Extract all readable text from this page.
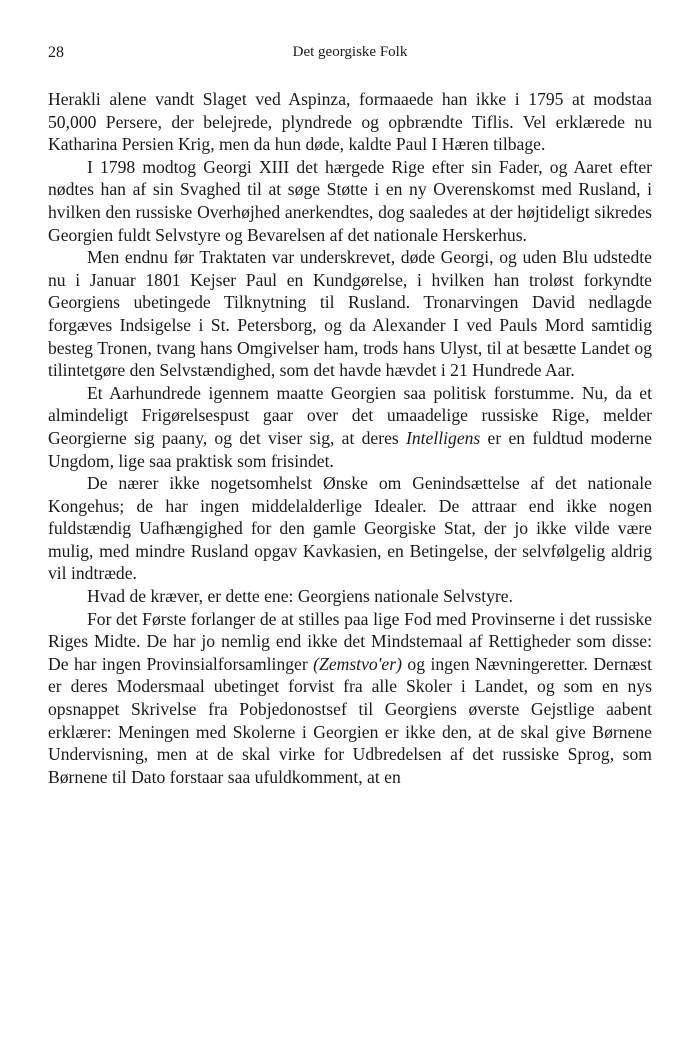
28	Det georgiske Folk

Herakli alene vandt Slaget ved Aspinza, formaaede han ikke i 1795 at modstaa 50,000 Persere, der belejrede, plyndrede og opbrændte Tiflis. Vel erklærede nu Katharina Persien Krig, men da hun døde, kaldte Paul I Hæren tilbage.

I 1798 modtog Georgi XIII det hærgede Rige efter sin Fader, og Aaret efter nødtes han af sin Svaghed til at søge Støtte i en ny Overenskomst med Rusland, i hvilken den russiske Overhøjhed anerkendtes, dog saaledes at der højtideligt sikredes Georgien fuldt Selvstyre og Bevarelsen af det nationale Herskerhus.

Men endnu før Traktaten var underskrevet, døde Georgi, og uden Blu udstedte nu i Januar 1801 Kejser Paul en Kundgørelse, i hvilken han troløst forkyndte Georgiens ubetingede Tilknytning til Rusland. Tronarvingen David nedlagde forgæves Indsigelse i St. Petersborg, og da Alexander I ved Pauls Mord samtidig besteg Tronen, tvang hans Omgivelser ham, trods hans Ulyst, til at besætte Landet og tilintetgøre den Selvstændighed, som det havde hævdet i 21 Hundrede Aar.

Et Aarhundrede igennem maatte Georgien saa politisk forstumme. Nu, da et almindeligt Frigørelsespust gaar over det umaadelige russiske Rige, melder Georgierne sig paany, og det viser sig, at deres Intelligens er en fuldtud moderne Ungdom, lige saa praktisk som frisindet.

De nærer ikke nogetsomhelst Ønske om Genindsættelse af det nationale Kongehus; de har ingen middelalderlige Idealer. De attraar end ikke nogen fuldstændig Uafhængighed for den gamle Georgiske Stat, der jo ikke vilde være mulig, med mindre Rusland opgav Kavkasien, en Betingelse, der selvfølgelig aldrig vil indtræde.

Hvad de kræver, er dette ene: Georgiens nationale Selvstyre.

For det Første forlanger de at stilles paa lige Fod med Provinserne i det russiske Riges Midte. De har jo nemlig end ikke det Mindstemaal af Rettigheder som disse: De har ingen Provinsialforsamlinger (Zemstvo'er) og ingen Nævningeretter. Dernæst er deres Modersmaal ubetinget forvist fra alle Skoler i Landet, og som en nys opsnappet Skrivelse fra Pobjedonostsef til Georgiens øverste Gejstlige aabent erklærer: Meningen med Skolerne i Georgien er ikke den, at de skal give Børnene Undervisning, men at de skal virke for Udbredelsen af det russiske Sprog, som Børnene til Dato forstaar saa ufuldkomment, at en
